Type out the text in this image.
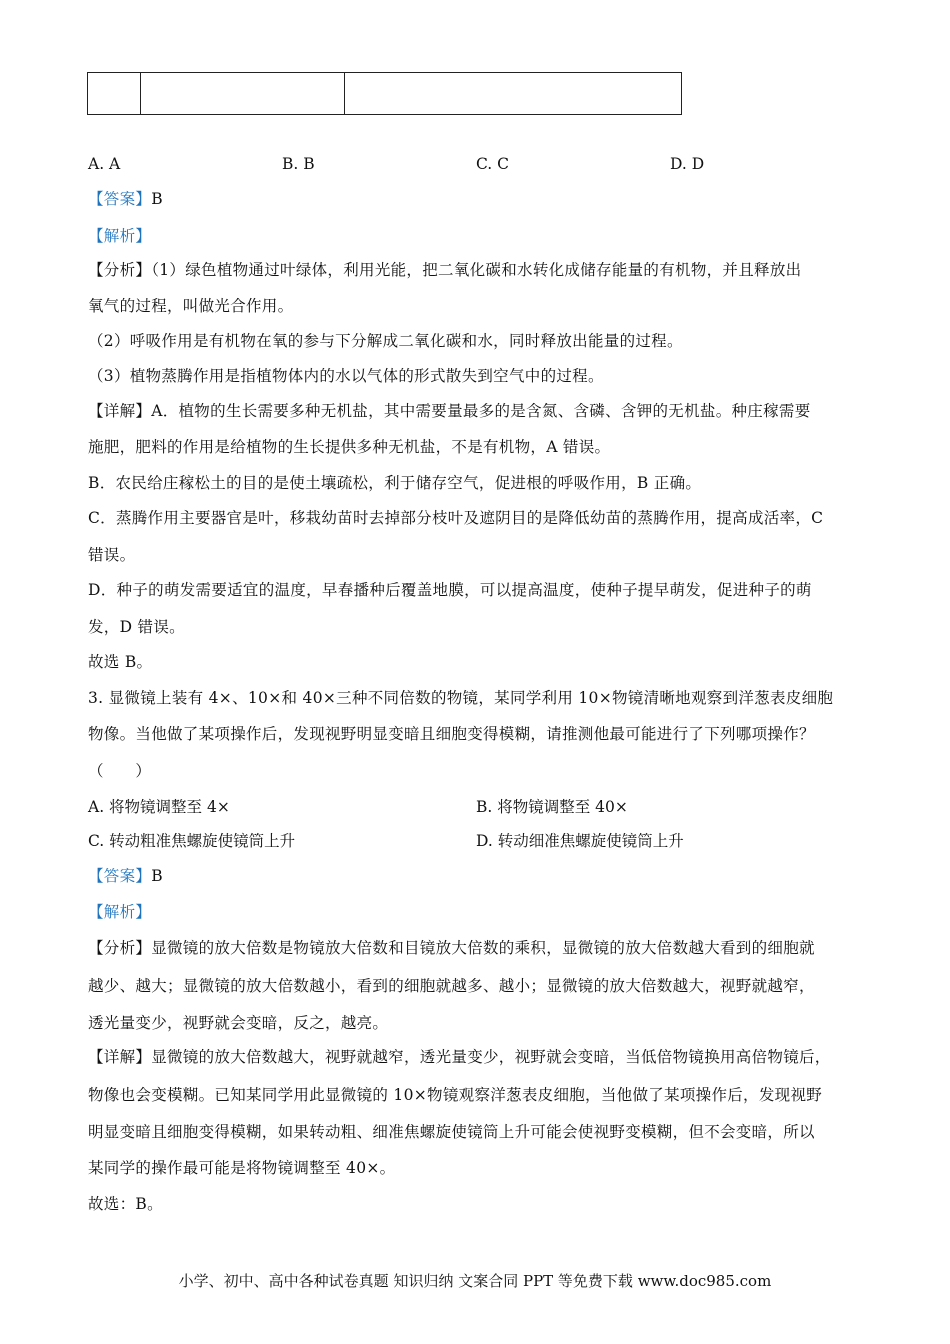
A. A	B. B	C. C	D. D
【答案】B
【解析】
【分析】（1）绿色植物通过叶绿体，利用光能，把二氧化碳和水转化成储存能量的有机物，并且释放出
氧气的过程，叫做光合作用。
（2）呼吸作用是有机物在氧的参与下分解成二氧化碳和水，同时释放出能量的过程。
（3）植物蒸腾作用是指植物体内的水以气体的形式散失到空气中的过程。
【详解】A．植物的生长需要多种无机盐，其中需要量最多的是含氮、含磷、含钾的无机盐。种庄稼需要
施肥，肥料的作用是给植物的生长提供多种无机盐，不是有机物，A 错误。
B．农民给庄稼松土的目的是使土壤疏松，利于储存空气，促进根的呼吸作用，B 正确。
C．蒸腾作用主要器官是叶，移栽幼苗时去掉部分枝叶及遮阴目的是降低幼苗的蒸腾作用，提高成活率，C
错误。
D．种子的萌发需要适宜的温度，早春播种后覆盖地膜，可以提高温度，使种子提早萌发，促进种子的萌
发，D 错误。
故选 B。
3. 显微镜上装有 4×、10×和 40×三种不同倍数的物镜，某同学利用 10×物镜清晰地观察到洋葱表皮细胞
物像。当他做了某项操作后，发现视野明显变暗且细胞变得模糊，请推测他最可能进行了下列哪项操作？
（　　）
A. 将物镜调整至 4×	B. 将物镜调整至 40×
C. 转动粗准焦螺旋使镜筒上升	D. 转动细准焦螺旋使镜筒上升
【答案】B
【解析】
【分析】显微镜的放大倍数是物镜放大倍数和目镜放大倍数的乘积，显微镜的放大倍数越大看到的细胞就
越少、越大；显微镜的放大倍数越小，看到的细胞就越多、越小；显微镜的放大倍数越大，视野就越窄，
透光量变少，视野就会变暗，反之，越亮。
【详解】显微镜的放大倍数越大，视野就越窄，透光量变少，视野就会变暗，当低倍物镜换用高倍物镜后，
物像也会变模糊。已知某同学用此显微镜的 10×物镜观察洋葱表皮细胞，当他做了某项操作后，发现视野
明显变暗且细胞变得模糊，如果转动粗、细准焦螺旋使镜筒上升可能会使视野变模糊，但不会变暗，所以
某同学的操作最可能是将物镜调整至 40×。
故选：B。
小学、初中、高中各种试卷真题 知识归纳 文案合同 PPT 等免费下载 www.doc985.com
